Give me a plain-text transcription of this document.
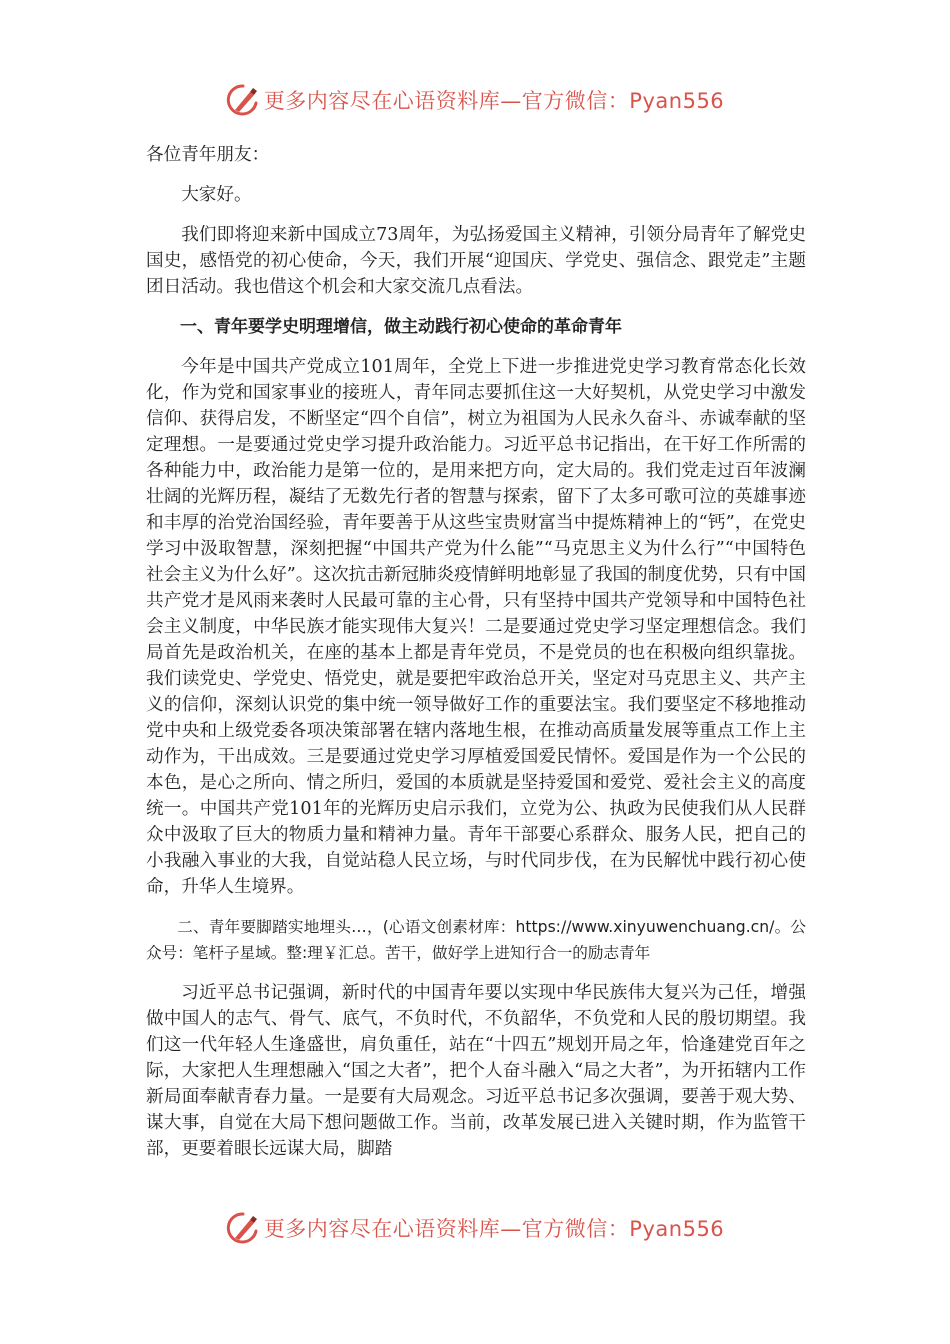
更多内容尽在心语资料库—官方微信：Pyan556

各位青年朋友：

大家好。

我们即将迎来新中国成立73周年，为弘扬爱国主义精神，引领分局青年了解党史国史，感悟党的初心使命，今天，我们开展“迎国庆、学党史、强信念、跟党走”主题团日活动。我也借这个机会和大家交流几点看法。

一、青年要学史明理增信，做主动践行初心使命的革命青年

今年是中国共产党成立101周年，全党上下进一步推进党史学习教育常态化长效化，作为党和国家事业的接班人，青年同志要抓住这一大好契机，从党史学习中激发信仰、获得启发，不断坚定“四个自信”，树立为祖国为人民永久奋斗、赤诚奉献的坚定理想。一是要通过党史学习提升政治能力。习近平总书记指出，在干好工作所需的各种能力中，政治能力是第一位的，是用来把方向，定大局的。我们党走过百年波澜壮阔的光辉历程，凝结了无数先行者的智慧与探索，留下了太多可歌可泣的英雄事迹和丰厚的治党治国经验，青年要善于从这些宝贵财富当中提炼精神上的“钙”，在党史学习中汲取智慧，深刻把握“中国共产党为什么能”“马克思主义为什么行”“中国特色社会主义为什么好”。这次抗击新冠肺炎疫情鲜明地彰显了我国的制度优势，只有中国共产党才是风雨来袭时人民最可靠的主心骨，只有坚持中国共产党领导和中国特色社会主义制度，中华民族才能实现伟大复兴！二是要通过党史学习坚定理想信念。我们局首先是政治机关，在座的基本上都是青年党员，不是党员的也在积极向组织靠拢。我们读党史、学党史、悟党史，就是要把牢政治总开关，坚定对马克思主义、共产主义的信仰，深刻认识党的集中统一领导做好工作的重要法宝。我们要坚定不移地推动党中央和上级党委各项决策部署在辖内落地生根，在推动高质量发展等重点工作上主动作为，干出成效。三是要通过党史学习厚植爱国爱民情怀。爱国是作为一个公民的本色，是心之所向、情之所归，爱国的本质就是坚持爱国和爱党、爱社会主义的高度统一。中国共产党101年的光辉历史启示我们，立党为公、执政为民使我们从人民群众中汲取了巨大的物质力量和精神力量。青年干部要心系群众、服务人民，把自己的小我融入事业的大我，自觉站稳人民立场，与时代同步伐，在为民解忧中践行初心使命，升华人生境界。

二、青年要脚踏实地埋头…，(心语文创素材库：https://www.xinyuwenchuang.cn/。公众号：笔杆子星域。整:理￥汇总。苦干，做好学上进知行合一的励志青年

习近平总书记强调，新时代的中国青年要以实现中华民族伟大复兴为己任，增强做中国人的志气、骨气、底气，不负时代，不负韶华，不负党和人民的殷切期望。我们这一代年轻人生逢盛世，肩负重任，站在“十四五”规划开局之年，恰逢建党百年之际，大家把人生理想融入“国之大者”，把个人奋斗融入“局之大者”，为开拓辖内工作新局面奉献青春力量。一是要有大局观念。习近平总书记多次强调，要善于观大势、谋大事，自觉在大局下想问题做工作。当前，改革发展已进入关键时期，作为监管干部，更要着眼长远谋大局，脚踏

更多内容尽在心语资料库—官方微信：Pyan556
